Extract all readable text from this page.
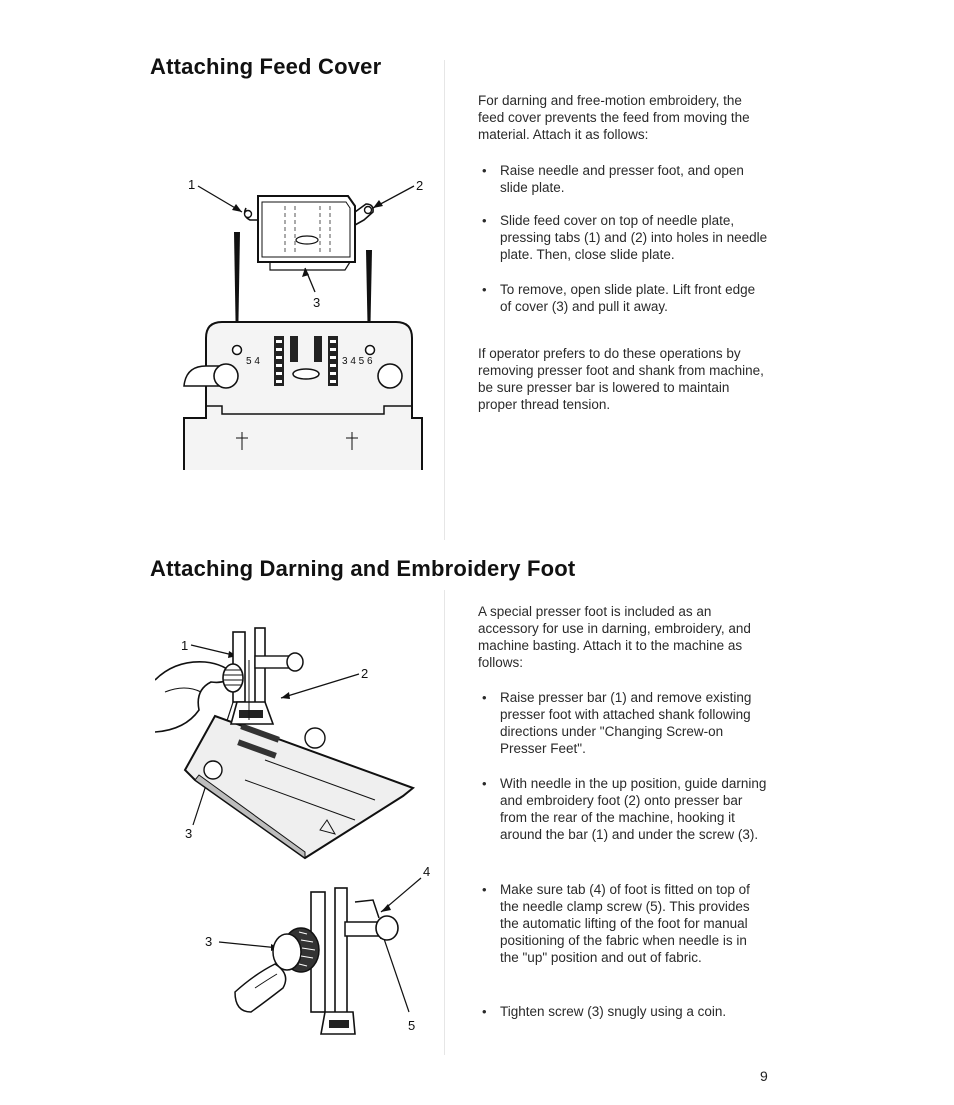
Attaching Feed Cover
1	2
3
5 4	3 4 5 6

For darning and free-motion embroidery, the feed cover prevents the feed from moving the material. Attach it as follows:

• Raise needle and presser foot, and open slide plate.

• Slide feed cover on top of needle plate, pressing tabs (1) and (2) into holes in needle plate. Then, close slide plate.

• To remove, open slide plate. Lift front edge of cover (3) and pull it away.

If operator prefers to do these operations by removing presser foot and shank from machine, be sure presser bar is lowered to maintain proper thread tension.

Attaching Darning and Embroidery Foot
1
2
3
4
3
5

A special presser foot is included as an accessory for use in darning, embroidery, and machine basting. Attach it to the machine as follows:

• Raise presser bar (1) and remove existing presser foot with attached shank following directions under "Changing Screw-on Presser Feet".

• With needle in the up position, guide darning and embroidery foot (2) onto presser bar from the rear of the machine, hooking it around the bar (1) and under the screw (3).

• Make sure tab (4) of foot is fitted on top of the needle clamp screw (5). This provides the automatic lifting of the foot for manual positioning of the fabric when needle is in the "up" position and out of fabric.

• Tighten screw (3) snugly using a coin.

9
